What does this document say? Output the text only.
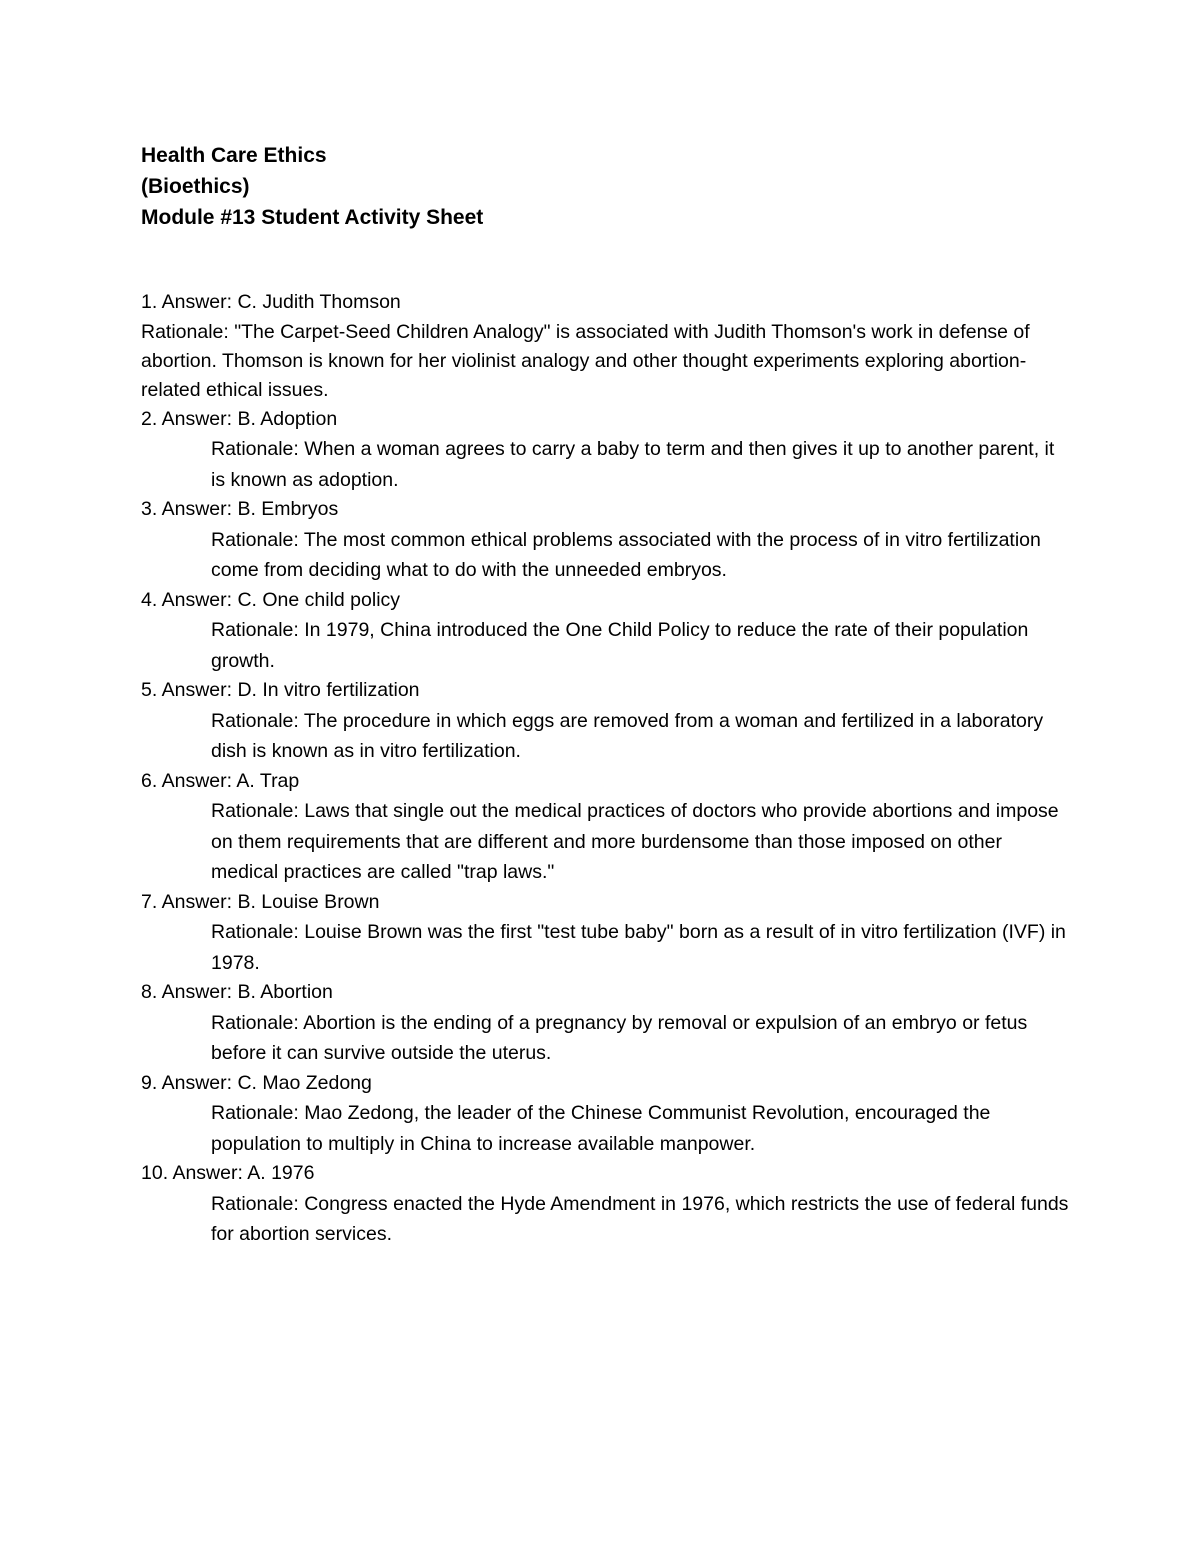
Health Care Ethics
(Bioethics)
Module #13 Student Activity Sheet
1. Answer: C. Judith Thomson
Rationale: "The Carpet-Seed Children Analogy" is associated with Judith Thomson's work in defense of abortion. Thomson is known for her violinist analogy and other thought experiments exploring abortion-related ethical issues.
2. Answer: B. Adoption
Rationale: When a woman agrees to carry a baby to term and then gives it up to another parent, it is known as adoption.
3. Answer: B. Embryos
Rationale: The most common ethical problems associated with the process of in vitro fertilization come from deciding what to do with the unneeded embryos.
4. Answer: C. One child policy
Rationale: In 1979, China introduced the One Child Policy to reduce the rate of their population growth.
5. Answer: D. In vitro fertilization
Rationale: The procedure in which eggs are removed from a woman and fertilized in a laboratory dish is known as in vitro fertilization.
6. Answer: A. Trap
Rationale: Laws that single out the medical practices of doctors who provide abortions and impose on them requirements that are different and more burdensome than those imposed on other medical practices are called "trap laws."
7. Answer: B. Louise Brown
Rationale: Louise Brown was the first "test tube baby" born as a result of in vitro fertilization (IVF) in 1978.
8. Answer: B. Abortion
Rationale: Abortion is the ending of a pregnancy by removal or expulsion of an embryo or fetus before it can survive outside the uterus.
9. Answer: C. Mao Zedong
Rationale: Mao Zedong, the leader of the Chinese Communist Revolution, encouraged the population to multiply in China to increase available manpower.
10. Answer: A. 1976
Rationale: Congress enacted the Hyde Amendment in 1976, which restricts the use of federal funds for abortion services.
